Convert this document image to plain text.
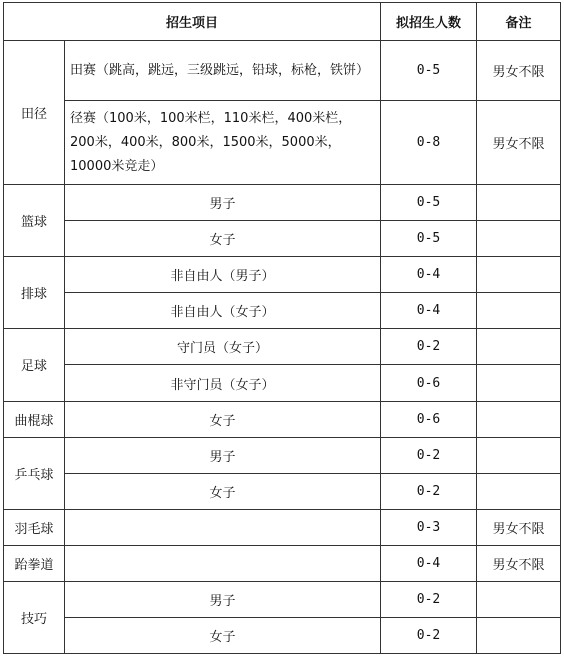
招生项目		拟招生人数	备注
田径	田赛（跳高，跳远，三级跳远，铅球，标枪，铁饼）	0-5	男女不限
	径赛（100米，100米栏，110米栏，400米栏，200米，400米，800米，1500米，5000米，10000米竞走）	0-8	男女不限
篮球	男子	0-5	
	女子	0-5	
排球	非自由人（男子）	0-4	
	非自由人（女子）	0-4	
足球	守门员（女子）	0-2	
	非守门员（女子）	0-6	
曲棍球	女子	0-6	
乒乓球	男子	0-2	
	女子	0-2	
羽毛球		0-3	男女不限
跆拳道		0-4	男女不限
技巧	男子	0-2	
	女子	0-2	
